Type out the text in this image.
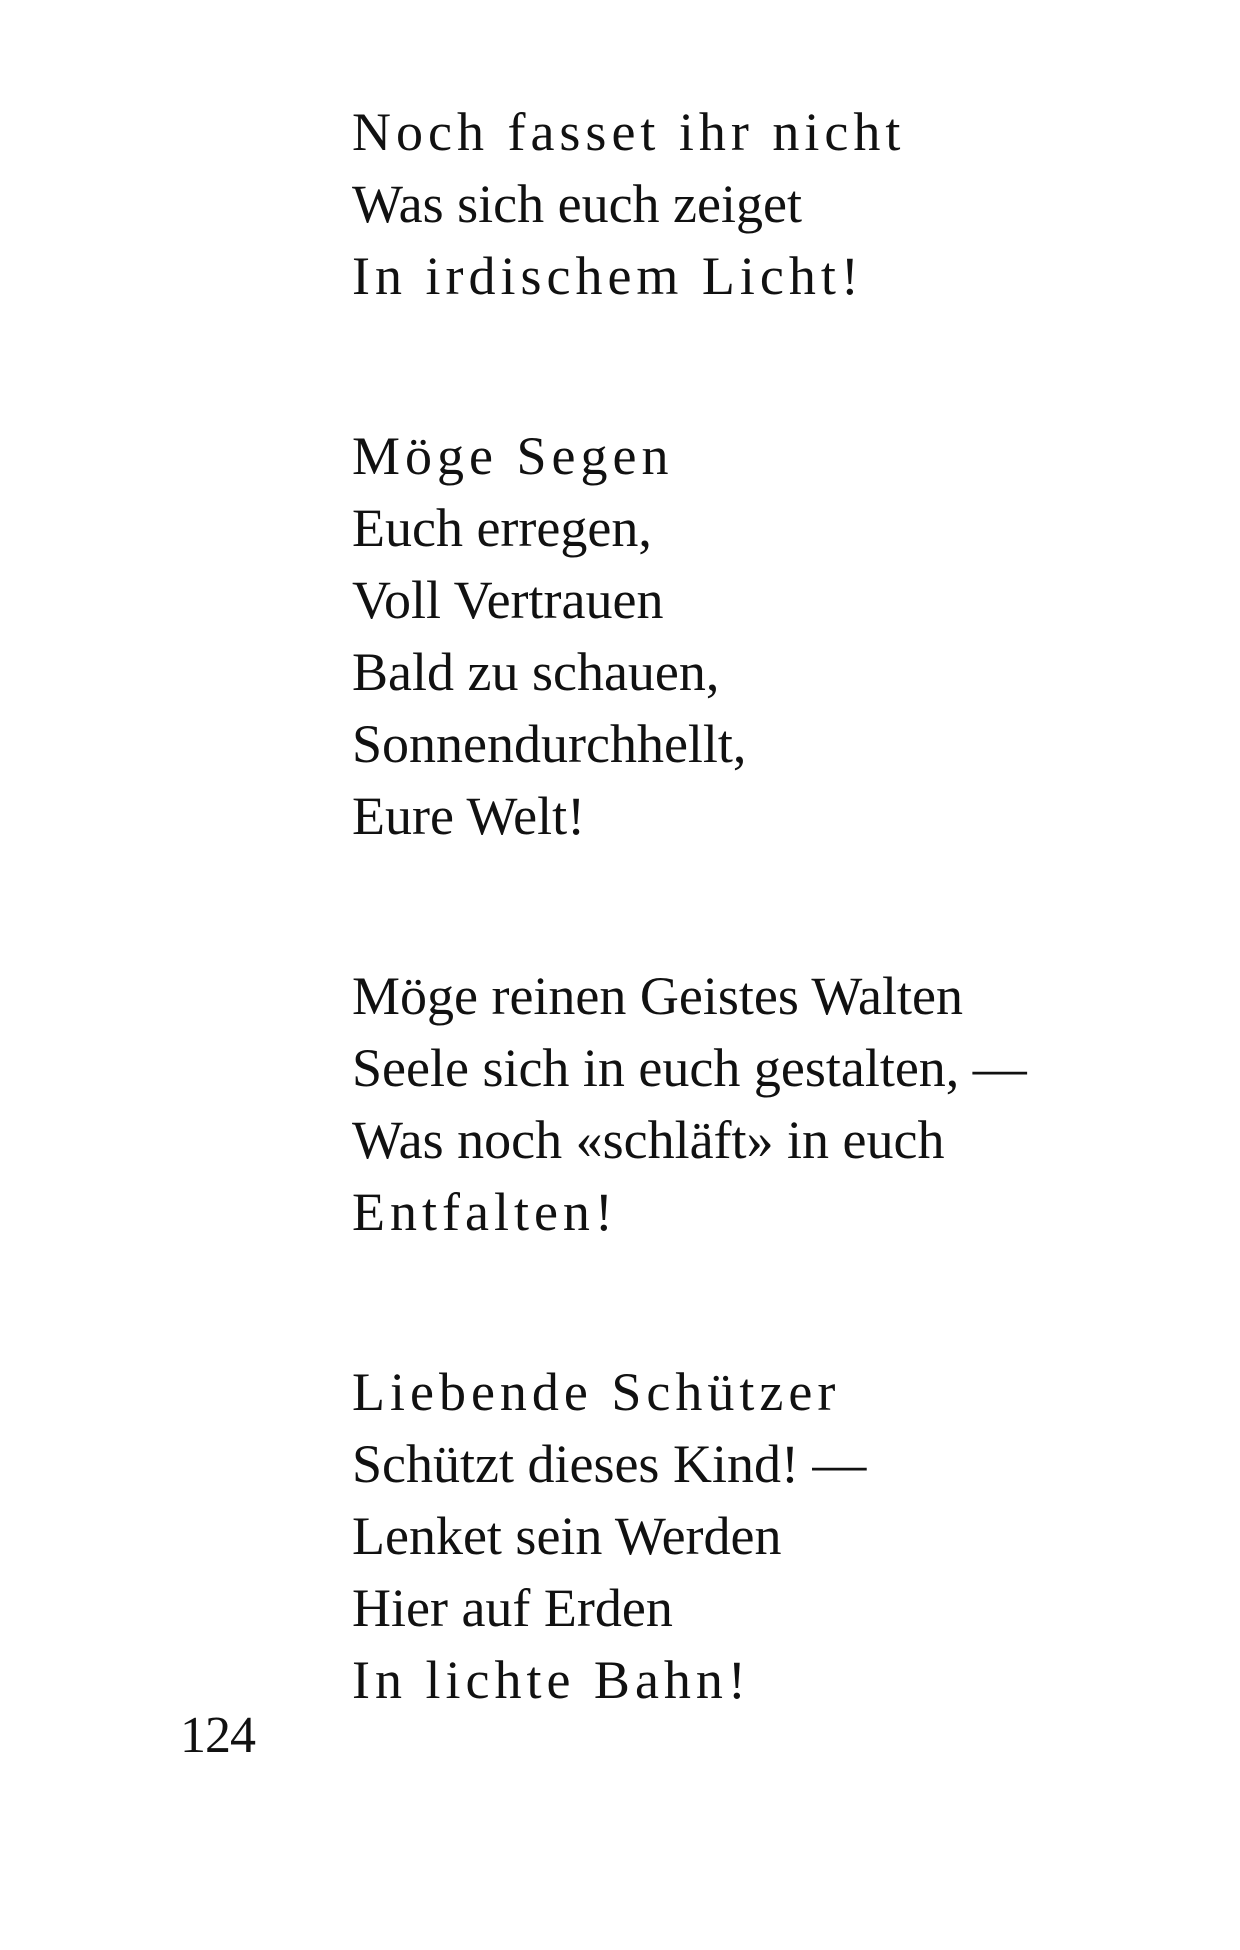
Noch fasset ihr nicht
Was sich euch zeiget
In irdischem Licht!
Möge Segen
Euch erregen,
Voll Vertrauen
Bald zu schauen,
Sonnendurchhellt,
Eure Welt!
Möge reinen Geistes Walten
Seele sich in euch gestalten, —
Was noch «schläft» in euch
Entfalten!
Liebende Schützer
Schützt dieses Kind! —
Lenket sein Werden
Hier auf Erden
In lichte Bahn!
124
